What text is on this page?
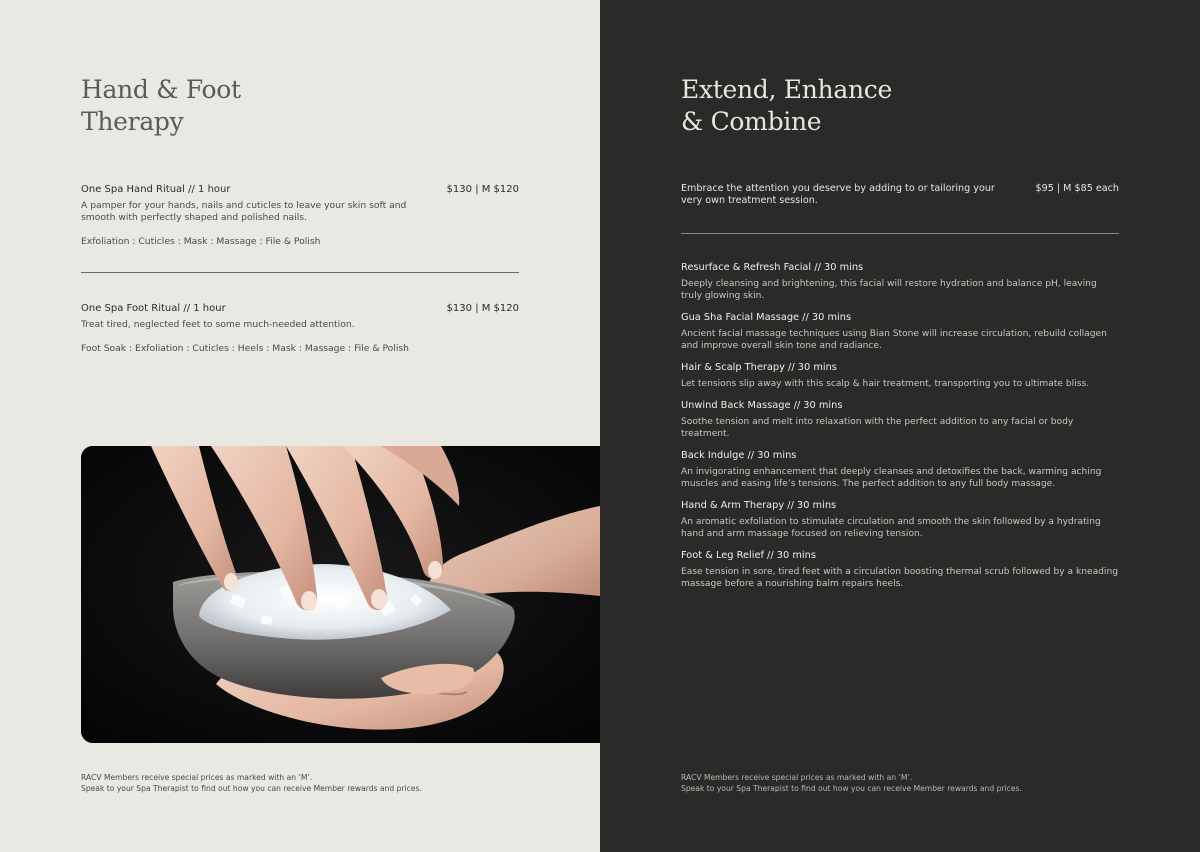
Hand & Foot
Therapy
One Spa Hand Ritual // 1 hour	$130 | M $120
A pamper for your hands, nails and cuticles to leave your skin soft and smooth with perfectly shaped and polished nails.
Exfoliation : Cuticles : Mask : Massage : File & Polish
One Spa Foot Ritual // 1 hour	$130 | M $120
Treat tired, neglected feet to some much-needed attention.
Foot Soak : Exfoliation : Cuticles : Heels : Mask : Massage : File & Polish
RACV Members receive special prices as marked with an ‘M’.
Speak to your Spa Therapist to find out how you can receive Member rewards and prices.
Extend, Enhance
& Combine
Embrace the attention you deserve by adding to or tailoring your very own treatment session.
$95 | M $85 each
Resurface & Refresh Facial // 30 mins
Deeply cleansing and brightening, this facial will restore hydration and balance pH, leaving truly glowing skin.
Gua Sha Facial Massage // 30 mins
Ancient facial massage techniques using Bian Stone will increase circulation, rebuild collagen and improve overall skin tone and radiance.
Hair & Scalp Therapy // 30 mins
Let tensions slip away with this scalp & hair treatment, transporting you to ultimate bliss.
Unwind Back Massage // 30 mins
Soothe tension and melt into relaxation with the perfect addition to any facial or body treatment.
Back Indulge // 30 mins
An invigorating enhancement that deeply cleanses and detoxifies the back, warming aching muscles and easing life’s tensions. The perfect addition to any full body massage.
Hand & Arm Therapy // 30 mins
An aromatic exfoliation to stimulate circulation and smooth the skin followed by a hydrating hand and arm massage focused on relieving tension.
Foot & Leg Relief // 30 mins
Ease tension in sore, tired feet with a circulation boosting thermal scrub followed by a kneading massage before a nourishing balm repairs heels.
RACV Members receive special prices as marked with an ‘M’.
Speak to your Spa Therapist to find out how you can receive Member rewards and prices.
